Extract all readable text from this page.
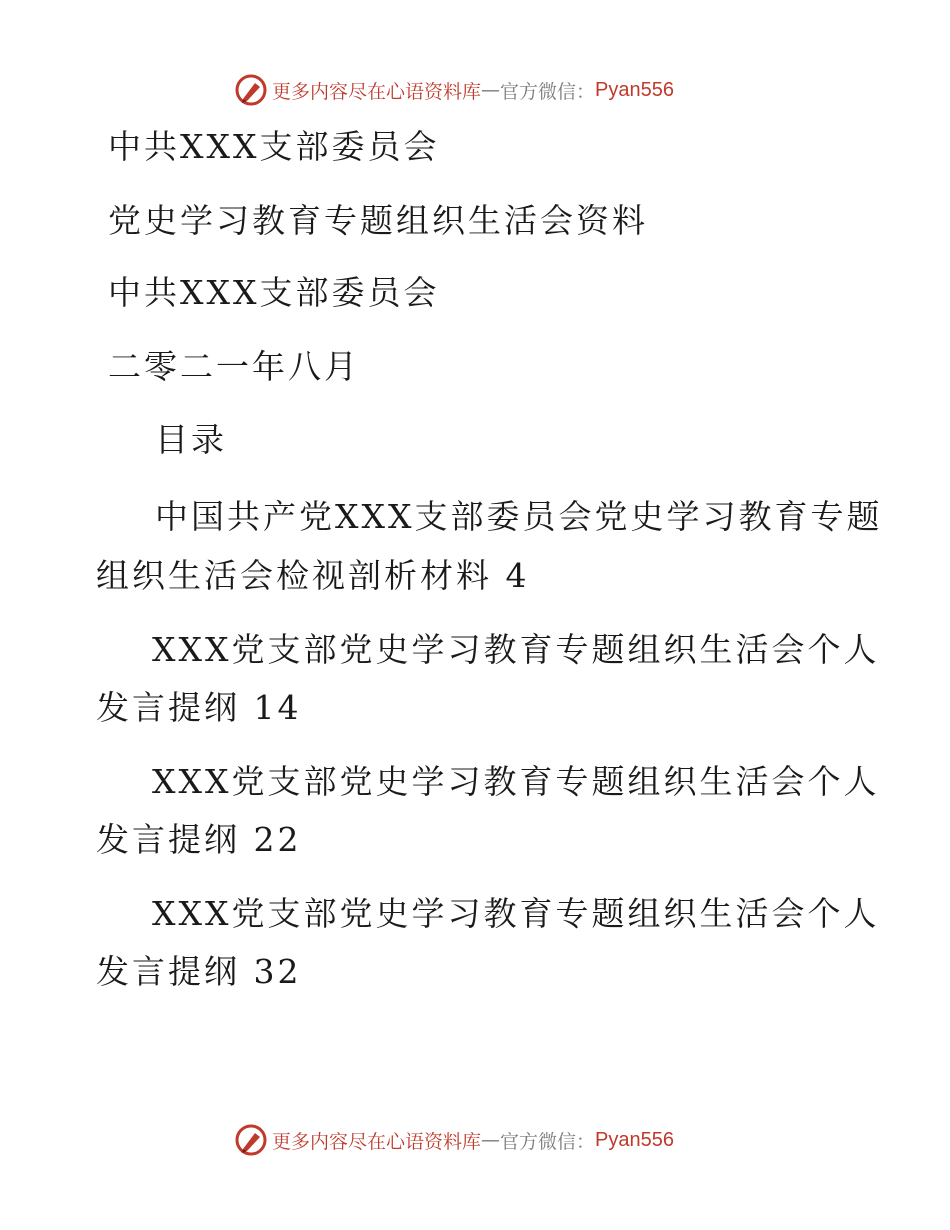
更多内容尽在心语资料库 — 官方微信： Pyan556
中共XXX支部委员会
党史学习教育专题组织生活会资料
中共XXX支部委员会
二零二一年八月
目录
中国共产党XXX支部委员会党史学习教育专题
组织生活会检视剖析材料 4
XXX党支部党史学习教育专题组织生活会个人
发言提纲 14
XXX党支部党史学习教育专题组织生活会个人
发言提纲 22
XXX党支部党史学习教育专题组织生活会个人
发言提纲 32
更多内容尽在心语资料库 — 官方微信： Pyan556
